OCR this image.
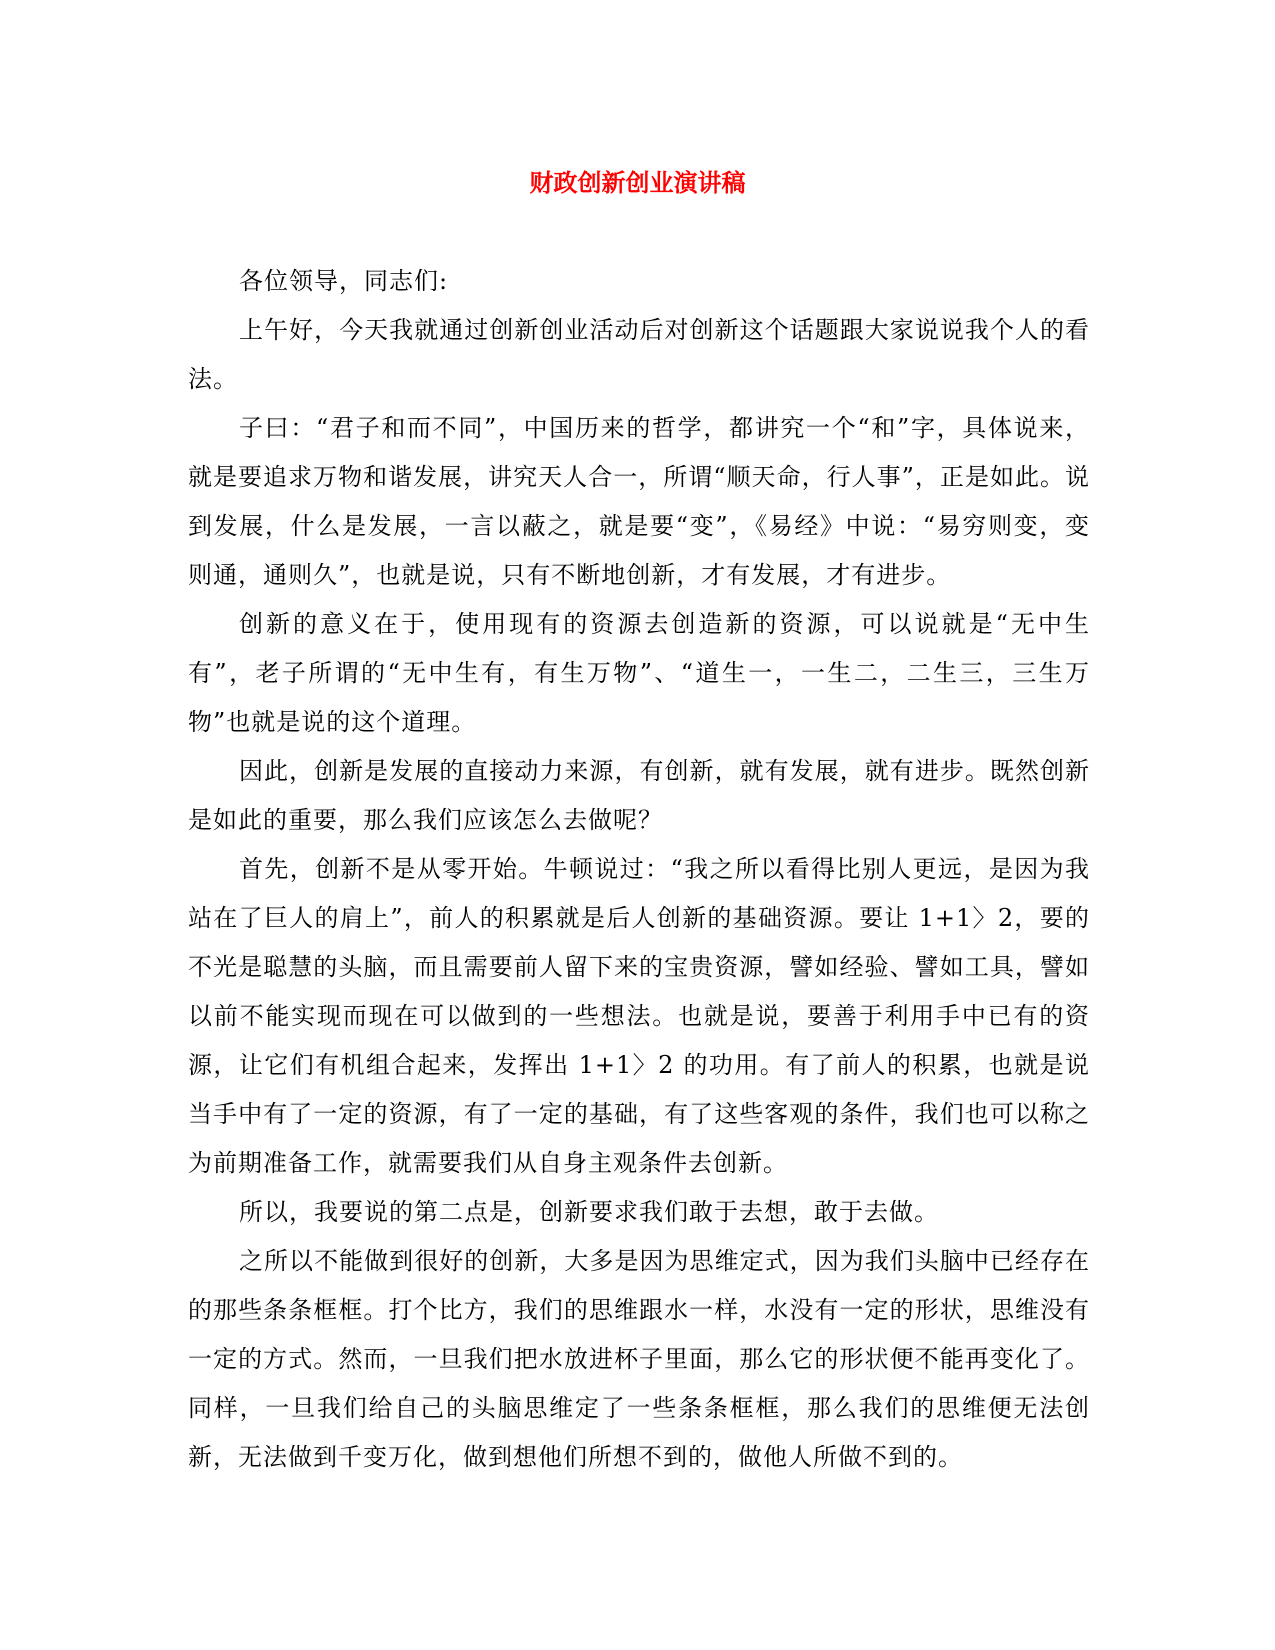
财政创新创业演讲稿

各位领导，同志们:

上午好，今天我就通过创新创业活动后对创新这个话题跟大家说说我个人的看法。

子曰：“君子和而不同”，中国历来的哲学，都讲究一个“和”字，具体说来，就是要追求万物和谐发展，讲究天人合一，所谓“顺天命，行人事”，正是如此。说到发展，什么是发展，一言以蔽之，就是要“变”，《易经》中说：“易穷则变，变则通，通则久”，也就是说，只有不断地创新，才有发展，才有进步。

创新的意义在于，使用现有的资源去创造新的资源，可以说就是“无中生有”，老子所谓的“无中生有，有生万物”、“道生一，一生二，二生三，三生万物”也就是说的这个道理。

因此，创新是发展的直接动力来源，有创新，就有发展，就有进步。既然创新是如此的重要，那么我们应该怎么去做呢？

首先，创新不是从零开始。牛顿说过：“我之所以看得比别人更远，是因为我站在了巨人的肩上”，前人的积累就是后人创新的基础资源。要让 1+1〉2，要的不光是聪慧的头脑，而且需要前人留下来的宝贵资源，譬如经验、譬如工具，譬如以前不能实现而现在可以做到的一些想法。也就是说，要善于利用手中已有的资源，让它们有机组合起来，发挥出 1+1〉2 的功用。有了前人的积累，也就是说当手中有了一定的资源，有了一定的基础，有了这些客观的条件，我们也可以称之为前期准备工作，就需要我们从自身主观条件去创新。

所以，我要说的第二点是，创新要求我们敢于去想，敢于去做。

之所以不能做到很好的创新，大多是因为思维定式，因为我们头脑中已经存在的那些条条框框。打个比方，我们的思维跟水一样，水没有一定的形状，思维没有一定的方式。然而，一旦我们把水放进杯子里面，那么它的形状便不能再变化了。同样，一旦我们给自己的头脑思维定了一些条条框框，那么我们的思维便无法创新，无法做到千变万化，做到想他们所想不到的，做他人所做不到的。
